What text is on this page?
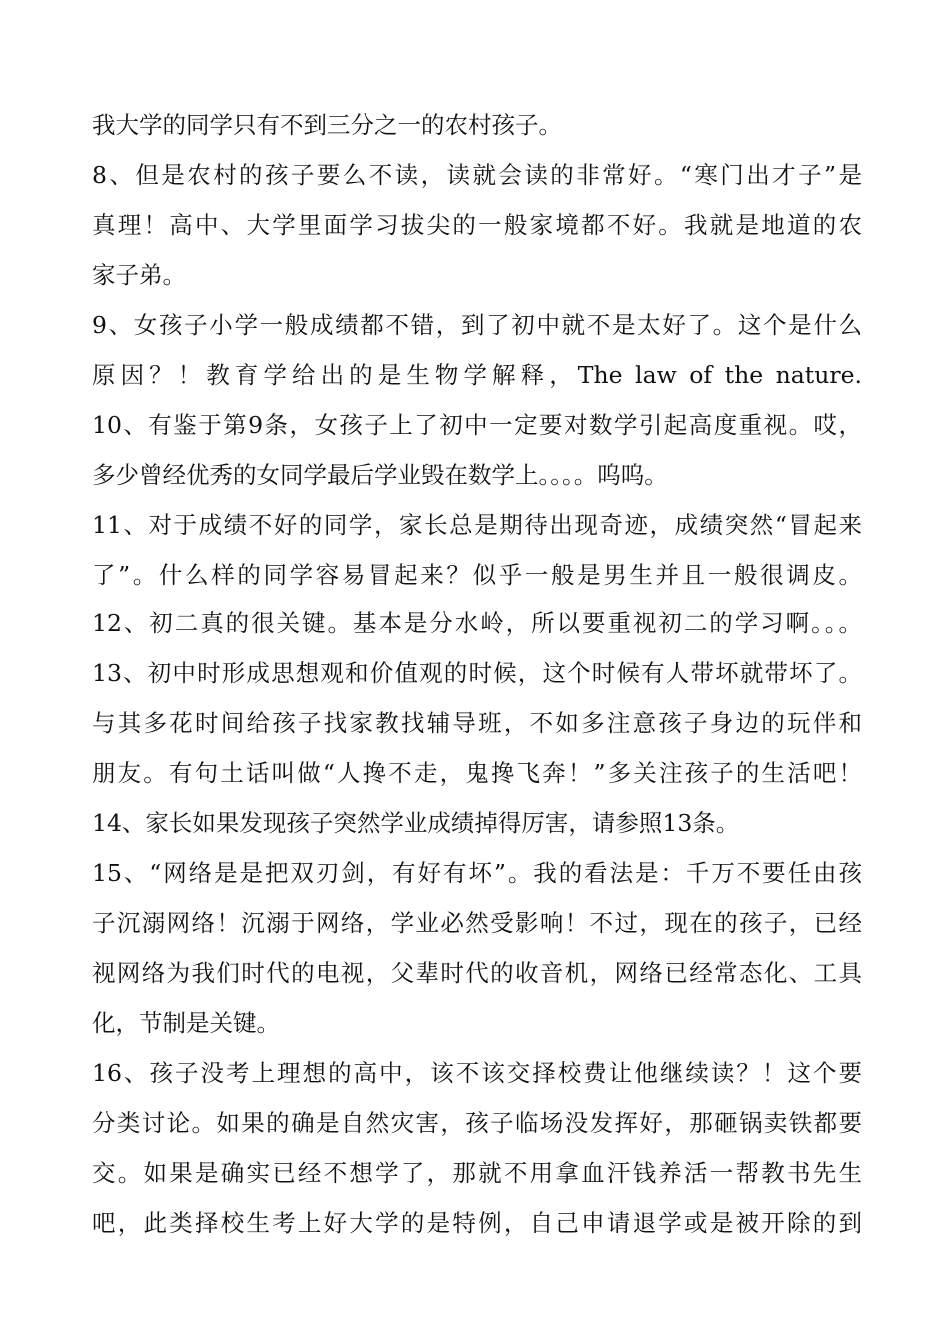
我大学的同学只有不到三分之一的农村孩子。
8、但是农村的孩子要么不读，读就会读的非常好。“寒门出才子”是
真理！高中、大学里面学习拔尖的一般家境都不好。我就是地道的农
家子弟。
9、女孩子小学一般成绩都不错，到了初中就不是太好了。这个是什么
原因？！教育学给出的是生物学解释，The law of the nature.
10、有鉴于第9条，女孩子上了初中一定要对数学引起高度重视。哎，
多少曾经优秀的女同学最后学业毁在数学上。。。。呜呜。
11、对于成绩不好的同学，家长总是期待出现奇迹，成绩突然“冒起来
了”。什么样的同学容易冒起来？似乎一般是男生并且一般很调皮。
12、初二真的很关键。基本是分水岭，所以要重视初二的学习啊。。。
13、初中时形成思想观和价值观的时候，这个时候有人带坏就带坏了。
与其多花时间给孩子找家教找辅导班，不如多注意孩子身边的玩伴和
朋友。有句土话叫做“人搀不走，鬼搀飞奔！”多关注孩子的生活吧！
14、家长如果发现孩子突然学业成绩掉得厉害，请参照13条。
15、“网络是是把双刃剑，有好有坏”。我的看法是：千万不要任由孩
子沉溺网络！沉溺于网络，学业必然受影响！不过，现在的孩子，已经
视网络为我们时代的电视，父辈时代的收音机，网络已经常态化、工具
化，节制是关键。
16、孩子没考上理想的高中，该不该交择校费让他继续读？！这个要
分类讨论。如果的确是自然灾害，孩子临场没发挥好，那砸锅卖铁都要
交。如果是确实已经不想学了，那就不用拿血汗钱养活一帮教书先生
吧，此类择校生考上好大学的是特例，自己申请退学或是被开除的到
